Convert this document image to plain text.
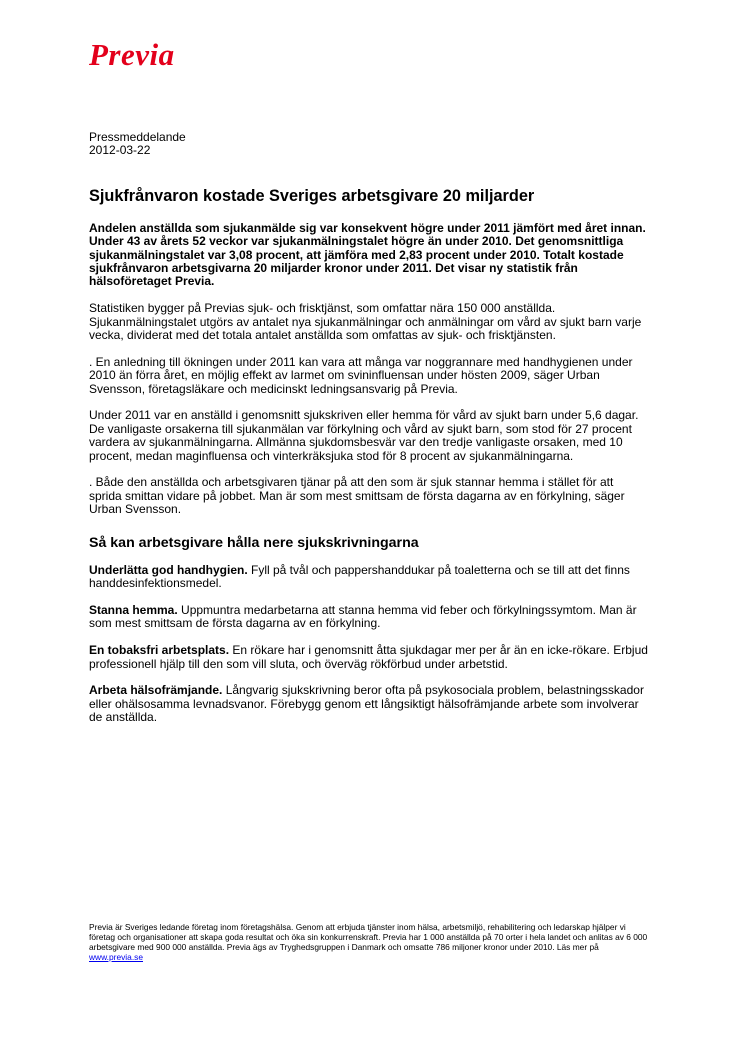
Previa

Pressmeddelande

2012-03-22

Sjukfrånvaron kostade Sveriges arbetsgivare 20 miljarder

Andelen anställda som sjukanmälde sig var konsekvent högre under 2011 jämfört med året innan. Under 43 av årets 52 veckor var sjukanmälningstalet högre än under 2010. Det genomsnittliga sjukanmälningstalet var 3,08 procent, att jämföra med 2,83 procent under 2010. Totalt kostade sjukfrånvaron arbetsgivarna 20 miljarder kronor under 2011. Det visar ny statistik från hälsoföretaget Previa.

Statistiken bygger på Previas sjuk- och frisktjänst, som omfattar nära 150 000 anställda. Sjukanmälningstalet utgörs av antalet nya sjukanmälningar och anmälningar om vård av sjukt barn varje vecka, dividerat med det totala antalet anställda som omfattas av sjuk- och frisktjänsten.

. En anledning till ökningen under 2011 kan vara att många var noggrannare med handhygienen under 2010 än förra året, en möjlig effekt av larmet om svininfluensan under hösten 2009, säger Urban Svensson, företagsläkare och medicinskt ledningsansvarig på Previa.

Under 2011 var en anställd i genomsnitt sjukskriven eller hemma för vård av sjukt barn under 5,6 dagar. De vanligaste orsakerna till sjukanmälan var förkylning och vård av sjukt barn, som stod för 27 procent vardera av sjukanmälningarna. Allmänna sjukdomsbesvär var den tredje vanligaste orsaken, med 10 procent, medan maginfluensa och vinterkräksjuka stod för 8 procent av sjukanmälningarna.

. Både den anställda och arbetsgivaren tjänar på att den som är sjuk stannar hemma i stället för att sprida smittan vidare på jobbet. Man är som mest smittsam de första dagarna av en förkylning, säger Urban Svensson.

Så kan arbetsgivare hålla nere sjukskrivningarna

Underlätta god handhygien. Fyll på tvål och pappershanddukar på toaletterna och se till att det finns handdesinfektionsmedel.

Stanna hemma. Uppmuntra medarbetarna att stanna hemma vid feber och förkylningssymtom. Man är som mest smittsam de första dagarna av en förkylning.

En tobaksfri arbetsplats. En rökare har i genomsnitt åtta sjukdagar mer per år än en icke-rökare. Erbjud professionell hjälp till den som vill sluta, och överväg rökförbud under arbetstid.

Arbeta hälsofrämjande. Långvarig sjukskrivning beror ofta på psykosociala problem, belastningsskador eller ohälsosamma levnadsvanor. Förebygg genom ett långsiktigt hälsofrämjande arbete som involverar de anställda.

Previa är Sveriges ledande företag inom företagshälsa. Genom att erbjuda tjänster inom hälsa, arbetsmiljö, rehabilitering och ledarskap hjälper vi företag och organisationer att skapa goda resultat och öka sin konkurrenskraft. Previa har 1 000 anställda på 70 orter i hela landet och anlitas av 6 000 arbetsgivare med 900 000 anställda. Previa ägs av Tryghedsgruppen i Danmark och omsatte 786 miljoner kronor under 2010. Läs mer på www.previa.se
